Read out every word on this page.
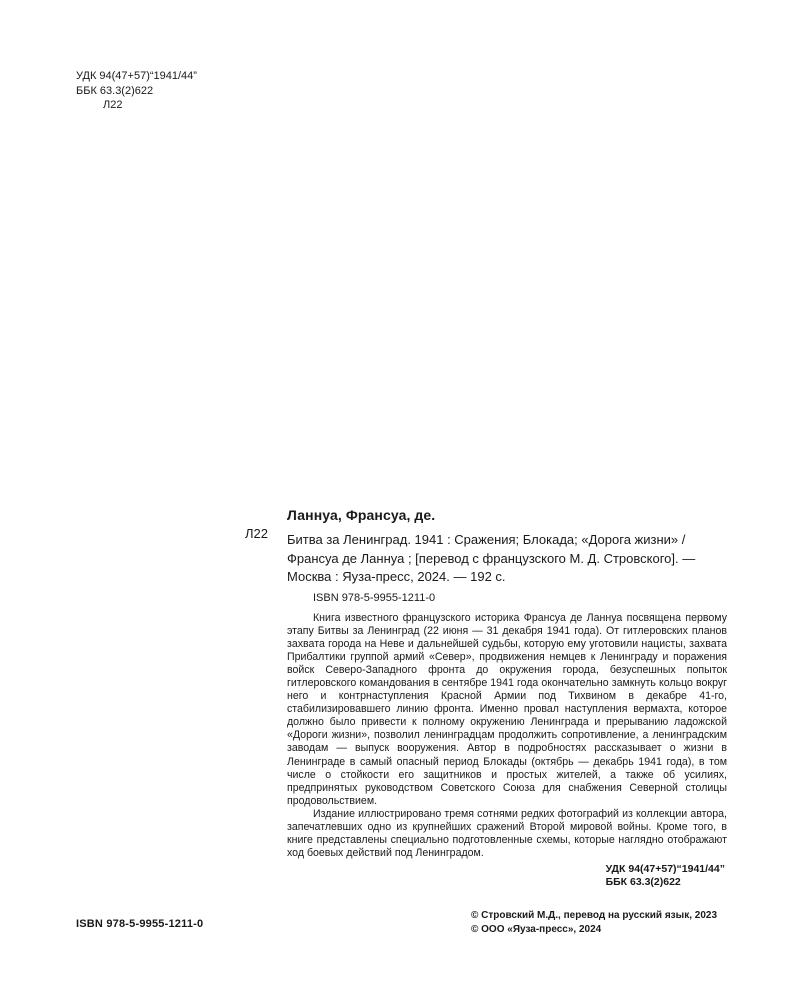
УДК 94(47+57)“1941/44”
ББК 63.3(2)622
Л22
Л22
Ланнуа, Франсуа, де.
Битва за Ленинград. 1941 : Сражения; Блокада; «Дорога жизни» /
Франсуа де Ланнуа ; [перевод с французского М. Д. Стровского]. —
Москва : Яуза-пресс, 2024. — 192 с.
ISBN 978-5-9955-1211-0

Книга известного французского историка Франсуа де Ланнуа посвящена первому этапу Битвы за Ленинград (22 июня — 31 декабря 1941 года). От гитлеровских планов захвата города на Неве и дальнейшей судьбы, которую ему уготовили нацисты, захвата Прибалтики группой армий «Север», продвижения немцев к Ленинграду и поражения войск Северо-Западного фронта до окружения города, безуспешных попыток гитлеровского командования в сентябре 1941 года окончательно замкнуть кольцо вокруг него и контрнаступления Красной Армии под Тихвином в декабре 41-го, стабилизировавшего линию фронта. Именно провал наступления вермахта, которое должно было привести к полному окружению Ленинграда и прерыванию ладожской «Дороги жизни», позволил ленинградцам продолжить сопротивление, а ленинградским заводам — выпуск вооружения. Автор в подробностях рассказывает о жизни в Ленинграде в самый опасный период Блокады (октябрь — декабрь 1941 года), в том числе о стойкости его защитников и простых жителей, а также об усилиях, предпринятых руководством Советского Союза для снабжения Северной столицы продовольствием.

Издание иллюстрировано тремя сотнями редких фотографий из коллекции автора, запечатлевших одно из крупнейших сражений Второй мировой войны. Кроме того, в книге представлены специально подготовленные схемы, которые наглядно отображают ход боевых действий под Ленинградом.

УДК 94(47+57)“1941/44”
ББК 63.3(2)622
ISBN 978-5-9955-1211-0
© Стровский М.Д., перевод на русский язык, 2023
© ООО «Яуза-пресс», 2024
